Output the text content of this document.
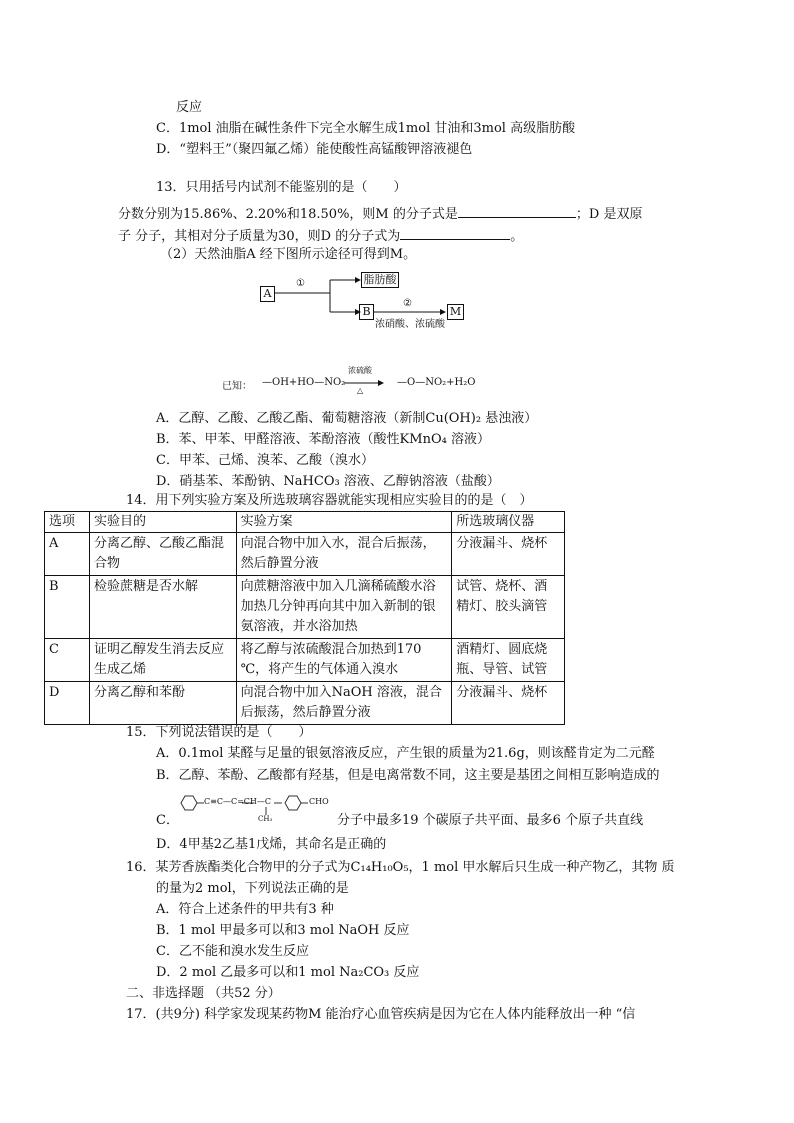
反应
C．1mol 油脂在碱性条件下完全水解生成1mol 甘油和3mol 高级脂肪酸
D．“塑料王”（聚四氟乙烯）能使酸性高锰酸钾溶液褪色
13．只用括号内试剂不能鉴别的是（　　）
分数分别为15.86%、2.20%和18.50%，则M 的分子式是	；D 是双原
子 分子，其相对分子质量为30，则D 的分子式为	。
（2）天然油脂A 经下图所示途径可得到M。
A
①	脂肪酸
B
②
浓硝酸、浓硫酸
M
已知： —OH+HO—NO₂
浓硫酸
△
—O—NO₂+H₂O
A．乙醇、乙酸、乙酸乙酯、葡萄糖溶液（新制Cu(OH)₂ 悬浊液）
B．苯、甲苯、甲醛溶液、苯酚溶液（酸性KMnO₄ 溶液）
C．甲苯、己烯、溴苯、乙酸（溴水）
D．硝基苯、苯酚钠、NaHCO₃ 溶液、乙醇钠溶液（盐酸）
14．用下列实验方案及所选玻璃容器就能实现相应实验目的的是（　）
选项	实验目的	实验方案	所选玻璃仪器
A	分离乙醇、乙酸乙酯混合物	向混合物中加入水，混合后振荡，然后静置分液	分液漏斗、烧杯
B	检验蔗糖是否水解	向蔗糖溶液中加入几滴稀硫酸水浴加热几分钟再向其中加入新制的银氨溶液，并水浴加热	试管、烧杯、酒精灯、胶头滴管
C	证明乙醇发生消去反应生成乙烯	将乙醇与浓硫酸混合加热到170 ℃，将产生的气体通入溴水	酒精灯、圆底烧瓶、导管、试管
D	分离乙醇和苯酚	向混合物中加入NaOH 溶液，混合后振荡，然后静置分液	分液漏斗、烧杯
15．下列说法错误的是（　　）
A．0.1mol 某醛与足量的银氨溶液反应，产生银的质量为21.6g，则该醛肯定为二元醛
B．乙醇、苯酚、乙酸都有羟基，但是电离常数不同，这主要是基团之间相互影响造成的
C．
C≡C—C=CH—C
CH₃
CHO
分子中最多19 个碳原子共平面、最多6 个原子共直线
D．4甲基2乙基1戊烯，其命名是正确的
16．某芳香族酯类化合物甲的分子式为C₁₄H₁₀O₅，1 mol 甲水解后只生成一种产物乙，其物 质
的量为2 mol，下列说法正确的是
A．符合上述条件的甲共有3 种
B．1 mol 甲最多可以和3 mol NaOH 反应
C．乙不能和溴水发生反应
D．2 mol 乙最多可以和1 mol Na₂CO₃ 反应
二、非选择题 （共52 分）
17．(共9分) 科学家发现某药物M 能治疗心血管疾病是因为它在人体内能释放出一种 “信
